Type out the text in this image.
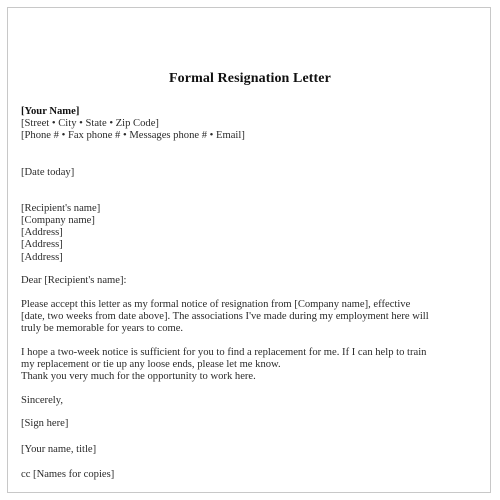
Formal Resignation Letter
[Your Name]
[Street • City • State • Zip Code]
[Phone # • Fax phone # • Messages phone # • Email]
[Date today]
[Recipient's name]
[Company name]
[Address]
[Address]
[Address]
Dear [Recipient's name]:
Please accept this letter as my formal notice of resignation from [Company name], effective
[date, two weeks from date above]. The associations I've made during my employment here will
truly be memorable for years to come.
I hope a two-week notice is sufficient for you to find a replacement for me. If I can help to train
my replacement or tie up any loose ends, please let me know.
Thank you very much for the opportunity to work here.
Sincerely,
[Sign here]
[Your name, title]
cc [Names for copies]
